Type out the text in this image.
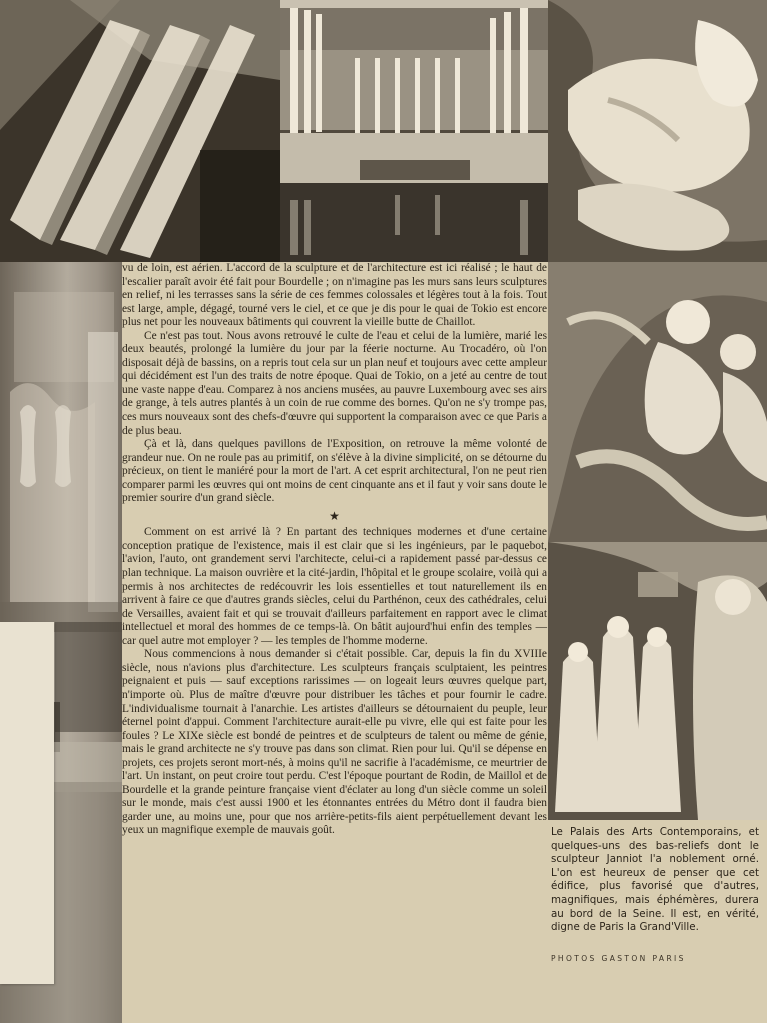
vu de loin, est aérien. L'accord de la sculpture et de l'architecture est ici réalisé ; le haut de l'escalier paraît avoir été fait pour Bourdelle ; on n'imagine pas les murs sans leurs sculptures en relief, ni les terrasses sans la série de ces femmes colossales et légères tout à la fois. Tout est large, ample, dégagé, tourné vers le ciel, et ce que je dis pour le quai de Tokio est encore plus net pour les nouveaux bâtiments qui couvrent la vieille butte de Chaillot.

Ce n'est pas tout. Nous avons retrouvé le culte de l'eau et celui de la lumière, marié les deux beautés, prolongé la lumière du jour par la féerie nocturne. Au Trocadéro, où l'on disposait déjà de bassins, on a repris tout cela sur un plan neuf et toujours avec cette ampleur qui décidément est l'un des traits de notre époque. Quai de Tokio, on a jeté au centre de tout une vaste nappe d'eau. Comparez à nos anciens musées, au pauvre Luxembourg avec ses airs de grange, à tels autres plantés à un coin de rue comme des bornes. Qu'on ne s'y trompe pas, ces murs nouveaux sont des chefs-d'œuvre qui supportent la comparaison avec ce que Paris a de plus beau.

Çà et là, dans quelques pavillons de l'Exposition, on retrouve la même volonté de grandeur nue. On ne roule pas au primitif, on s'élève à la divine simplicité, on se détourne du précieux, on tient le maniéré pour la mort de l'art. A cet esprit architectural, l'on ne peut rien comparer parmi les œuvres qui ont moins de cent cinquante ans et il faut y voir sans doute le premier sourire d'un grand siècle.

★

Comment on est arrivé là ? En partant des techniques modernes et d'une certaine conception pratique de l'existence, mais il est clair que si les ingénieurs, par le paquebot, l'avion, l'auto, ont grandement servi l'architecte, celui-ci a rapidement passé par-dessus ce plan technique. La maison ouvrière et la cité-jardin, l'hôpital et le groupe scolaire, voilà qui a permis à nos architectes de redécouvrir les lois essentielles et tout naturellement ils en arrivent à faire ce que d'autres grands siècles, celui du Parthénon, ceux des cathédrales, celui de Versailles, avaient fait et qui se trouvait d'ailleurs parfaitement en rapport avec le climat intellectuel et moral des hommes de ce temps-là. On bâtit aujourd'hui enfin des temples — car quel autre mot employer ? — les temples de l'homme moderne.

Nous commencions à nous demander si c'était possible. Car, depuis la fin du XVIIIe siècle, nous n'avions plus d'architecture. Les sculpteurs français sculptaient, les peintres peignaient et puis — sauf exceptions rarissimes — on logeait leurs œuvres quelque part, n'importe où. Plus de maître d'œuvre pour distribuer les tâches et pour fournir le cadre. L'individualisme tournait à l'anarchie. Les artistes d'ailleurs se détournaient du peuple, leur éternel point d'appui. Comment l'architecture aurait-elle pu vivre, elle qui est faite pour les foules ? Le XIXe siècle est bondé de peintres et de sculpteurs de talent ou même de génie, mais le grand architecte ne s'y trouve pas dans son climat. Rien pour lui. Qu'il se dépense en projets, ces projets seront mort-nés, à moins qu'il ne sacrifie à l'académisme, ce meurtrier de l'art. Un instant, on peut croire tout perdu. C'est l'époque pourtant de Rodin, de Maillol et de Bourdelle et la grande peinture française vient d'éclater au long d'un siècle comme un soleil sur le monde, mais c'est aussi 1900 et les étonnantes entrées du Métro dont il faudra bien garder une, au moins une, pour que nos arrière-petits-fils aient perpétuellement devant les yeux un magnifique exemple de mauvais goût.	Le Palais des Arts Contemporains, et quelques-uns des bas-reliefs dont le sculpteur Janniot l'a noblement orné. L'on est heureux de penser que cet édifice, plus favorisé que d'autres, magnifiques, mais éphémères, durera au bord de la Seine. Il est, en vérité, digne de Paris la Grand'Ville.
PHOTOS GASTON PARIS
